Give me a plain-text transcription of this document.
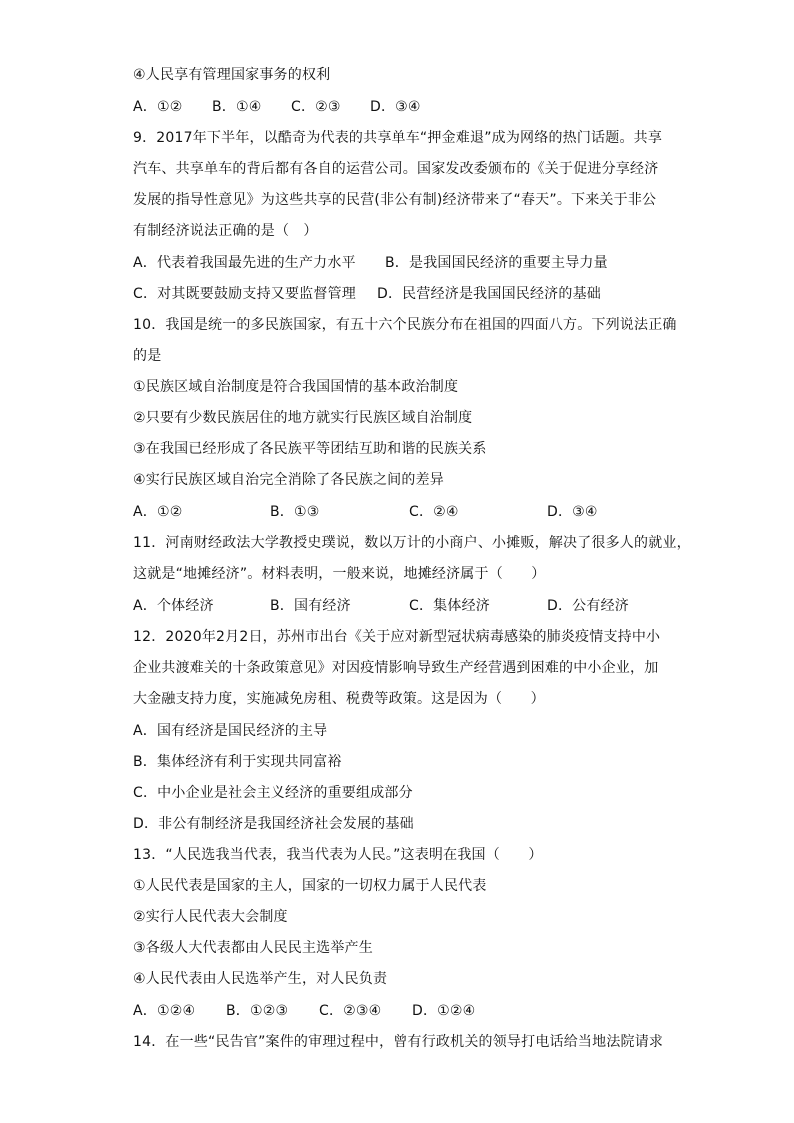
④人民享有管理国家事务的权利
A．①② B．①④ C．②③ D．③④
9．2017年下半年，以酷奇为代表的共享单车“押金难退”成为网络的热门话题。共享
汽车、共享单车的背后都有各自的运营公司。国家发改委颁布的《关于促进分享经济
发展的指导性意见》为这些共享的民营(非公有制)经济带来了“春天”。下来关于非公
有制经济说法正确的是（　）
A．代表着我国最先进的生产力水平 B．是我国国民经济的重要主导力量
C．对其既要鼓励支持又要监督管理 D．民营经济是我国国民经济的基础
10．我国是统一的多民族国家，有五十六个民族分布在祖国的四面八方。下列说法正确
的是
①民族区域自治制度是符合我国国情的基本政治制度
②只要有少数民族居住的地方就实行民族区域自治制度
③在我国已经形成了各民族平等团结互助和谐的民族关系
④实行民族区域自治完全消除了各民族之间的差异
A．①②	B．①③	C．②④	D．③④
11．河南财经政法大学教授史璞说，数以万计的小商户、小摊贩，解决了很多人的就业，
这就是“地摊经济”。材料表明，一般来说，地摊经济属于（　　）
A．个体经济	B．国有经济	C．集体经济	D．公有经济
12．2020年2月2日，苏州市出台《关于应对新型冠状病毒感染的肺炎疫情支持中小
企业共渡难关的十条政策意见》对因疫情影响导致生产经营遇到困难的中小企业，加
大金融支持力度，实施减免房租、税费等政策。这是因为（　　）
A．国有经济是国民经济的主导
B．集体经济有利于实现共同富裕
C．中小企业是社会主义经济的重要组成部分
D．非公有制经济是我国经济社会发展的基础
13．“人民选我当代表，我当代表为人民。”这表明在我国（　　）
①人民代表是国家的主人，国家的一切权力属于人民代表
②实行人民代表大会制度
③各级人大代表都由人民民主选举产生
④人民代表由人民选举产生，对人民负责
A．①②④ B．①②③ C．②③④ D．①②④
14．在一些“民告官”案件的审理过程中，曾有行政机关的领导打电话给当地法院请求
